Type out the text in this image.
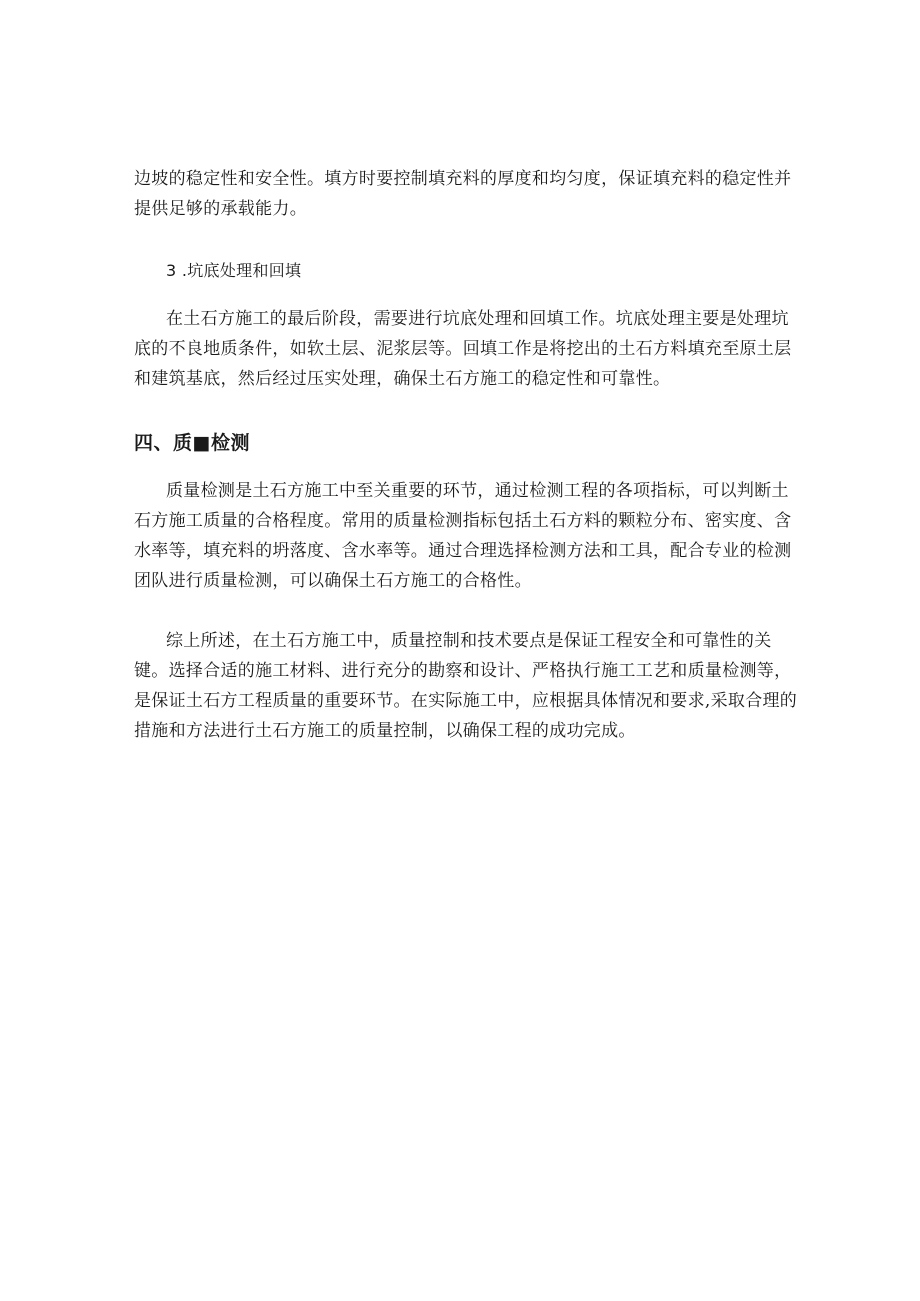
边坡的稳定性和安全性。填方时要控制填充料的厚度和均匀度，保证填充料的稳定性并
提供足够的承载能力。
3 .坑底处理和回填
在土石方施工的最后阶段，需要进行坑底处理和回填工作。坑底处理主要是处理坑
底的不良地质条件，如软土层、泥浆层等。回填工作是将挖出的土石方料填充至原土层
和建筑基底，然后经过压实处理，确保土石方施工的稳定性和可靠性。
四、质■检测
质量检测是土石方施工中至关重要的环节，通过检测工程的各项指标，可以判断土
石方施工质量的合格程度。常用的质量检测指标包括土石方料的颗粒分布、密实度、含
水率等，填充料的坍落度、含水率等。通过合理选择检测方法和工具，配合专业的检测
团队进行质量检测，可以确保土石方施工的合格性。
综上所述，在土石方施工中，质量控制和技术要点是保证工程安全和可靠性的关
键。选择合适的施工材料、进行充分的勘察和设计、严格执行施工工艺和质量检测等，
是保证土石方工程质量的重要环节。在实际施工中，应根据具体情况和要求,采取合理的
措施和方法进行土石方施工的质量控制，以确保工程的成功完成。
